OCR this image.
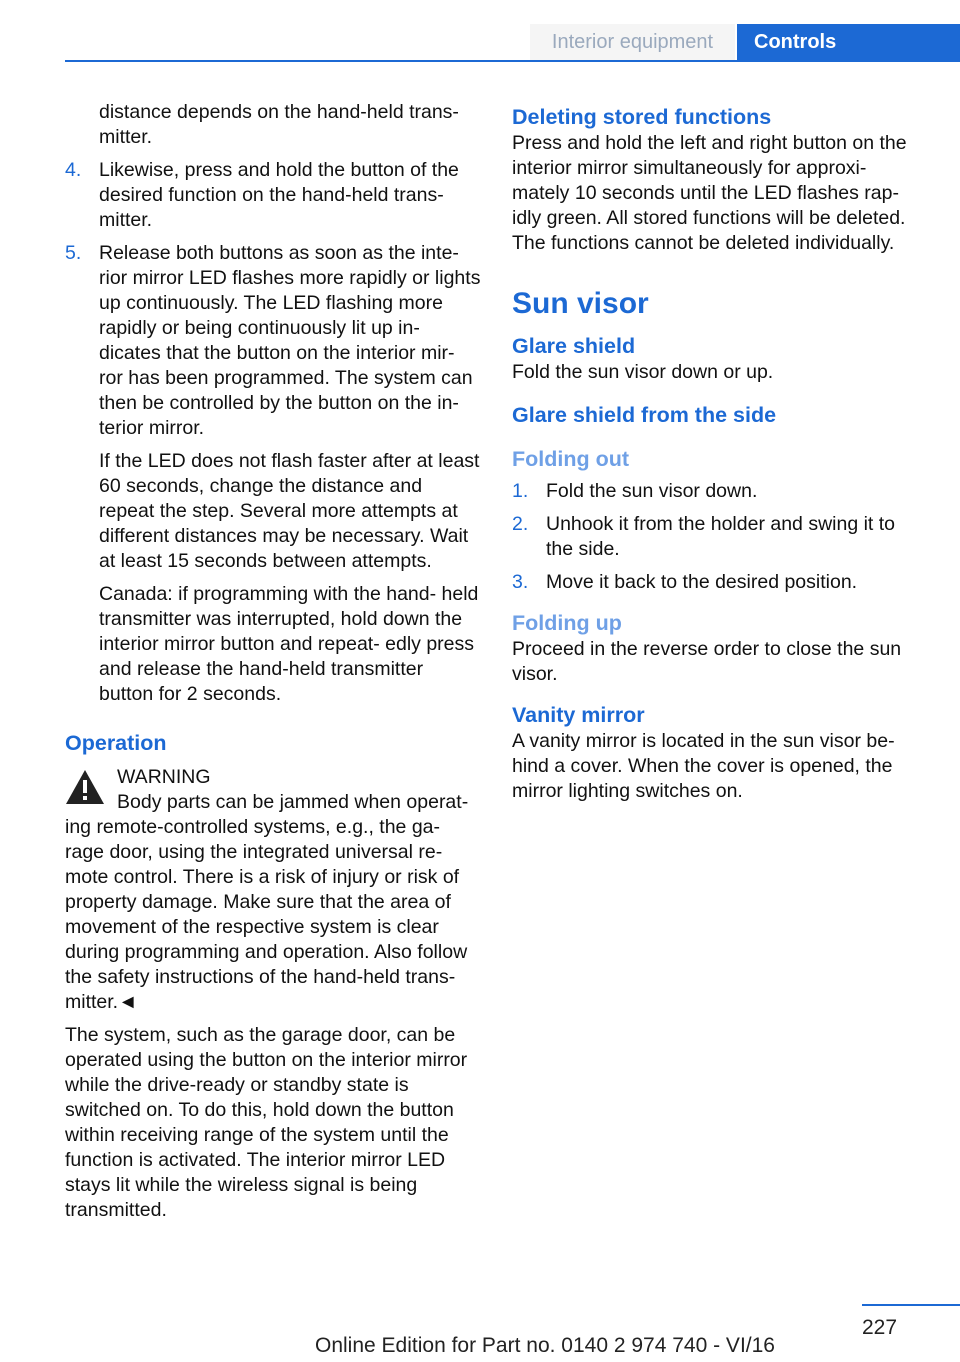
Interior equipment	Controls

distance depends on the hand-held trans- mitter.

4. Likewise, press and hold the button of the desired function on the hand-held trans- mitter.

5. Release both buttons as soon as the inte- rior mirror LED flashes more rapidly or lights up continuously. The LED flashing more rapidly or being continuously lit up in- dicates that the button on the interior mir- ror has been programmed. The system can then be controlled by the button on the in- terior mirror.

If the LED does not flash faster after at least 60 seconds, change the distance and repeat the step. Several more attempts at different distances may be necessary. Wait at least 15 seconds between attempts.

Canada: if programming with the hand- held transmitter was interrupted, hold down the interior mirror button and repeat- edly press and release the hand-held transmitter button for 2 seconds.

Operation
WARNING

Body parts can be jammed when operat-

ing remote-controlled systems, e.g., the ga- rage door, using the integrated universal re- mote control. There is a risk of injury or risk of property damage. Make sure that the area of movement of the respective system is clear during programming and operation. Also follow the safety instructions of the hand-held trans- mitter.◄

The system, such as the garage door, can be operated using the button on the interior mirror while the drive-ready or standby state is switched on. To do this, hold down the button within receiving range of the system until the function is activated. The interior mirror LED stays lit while the wireless signal is being transmitted.

Deleting stored functions

Press and hold the left and right button on the interior mirror simultaneously for approxi- mately 10 seconds until the LED flashes rap- idly green. All stored functions will be deleted. The functions cannot be deleted individually.

Sun visor
Glare shield

Fold the sun visor down or up.

Glare shield from the side
Folding out
1. Fold the sun visor down.

2. Unhook it from the holder and swing it to the side.

3. Move it back to the desired position.

Folding up

Proceed in the reverse order to close the sun visor.

Vanity mirror

A vanity mirror is located in the sun visor be- hind a cover. When the cover is opened, the mirror lighting switches on.

227
Online Edition for Part no. 0140 2 974 740 - VI/16
